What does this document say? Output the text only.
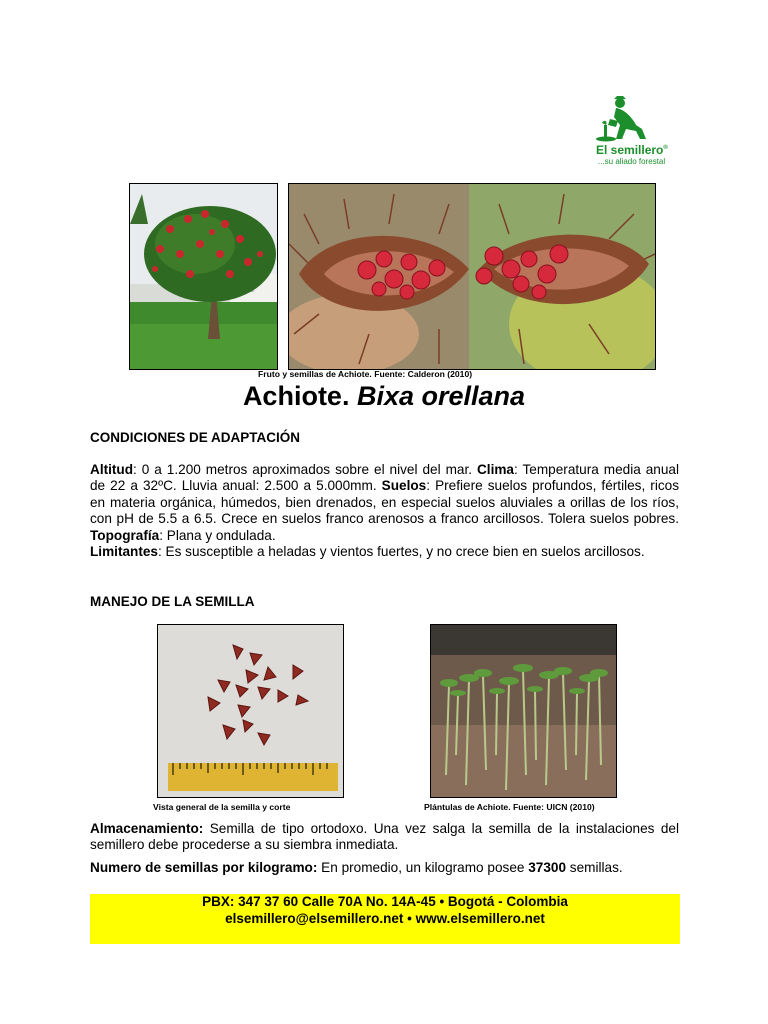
El semillero®
...su aliado forestal
Fruto y semillas de Achiote. Fuente: Calderon (2010)
Achiote. Bixa orellana
CONDICIONES DE ADAPTACIÓN
Altitud: 0 a 1.200 metros aproximados sobre el nivel del mar. Clima: Temperatura media anual de 22 a 32ºC. Lluvia anual: 2.500 a 5.000mm. Suelos: Prefiere suelos profundos, fértiles, ricos en materia orgánica, húmedos, bien drenados, en especial suelos aluviales a orillas de los ríos, con pH de 5.5 a 6.5. Crece en suelos franco arenosos a franco arcillosos. Tolera suelos pobres. Topografía: Plana y ondulada.
Limitantes: Es susceptible a heladas y vientos fuertes, y no crece bien en suelos arcillosos.
MANEJO DE LA SEMILLA
Vista general de la semilla y corte	Plántulas de Achiote. Fuente: UICN (2010)
Almacenamiento: Semilla de tipo ortodoxo. Una vez salga la semilla de la instalaciones del semillero debe procederse a su siembra inmediata.
Numero de semillas por kilogramo: En promedio, un kilogramo posee 37300 semillas.
PBX: 347 37 60 Calle 70A No. 14A-45 • Bogotá - Colombia
elsemillero@elsemillero.net • www.elsemillero.net
